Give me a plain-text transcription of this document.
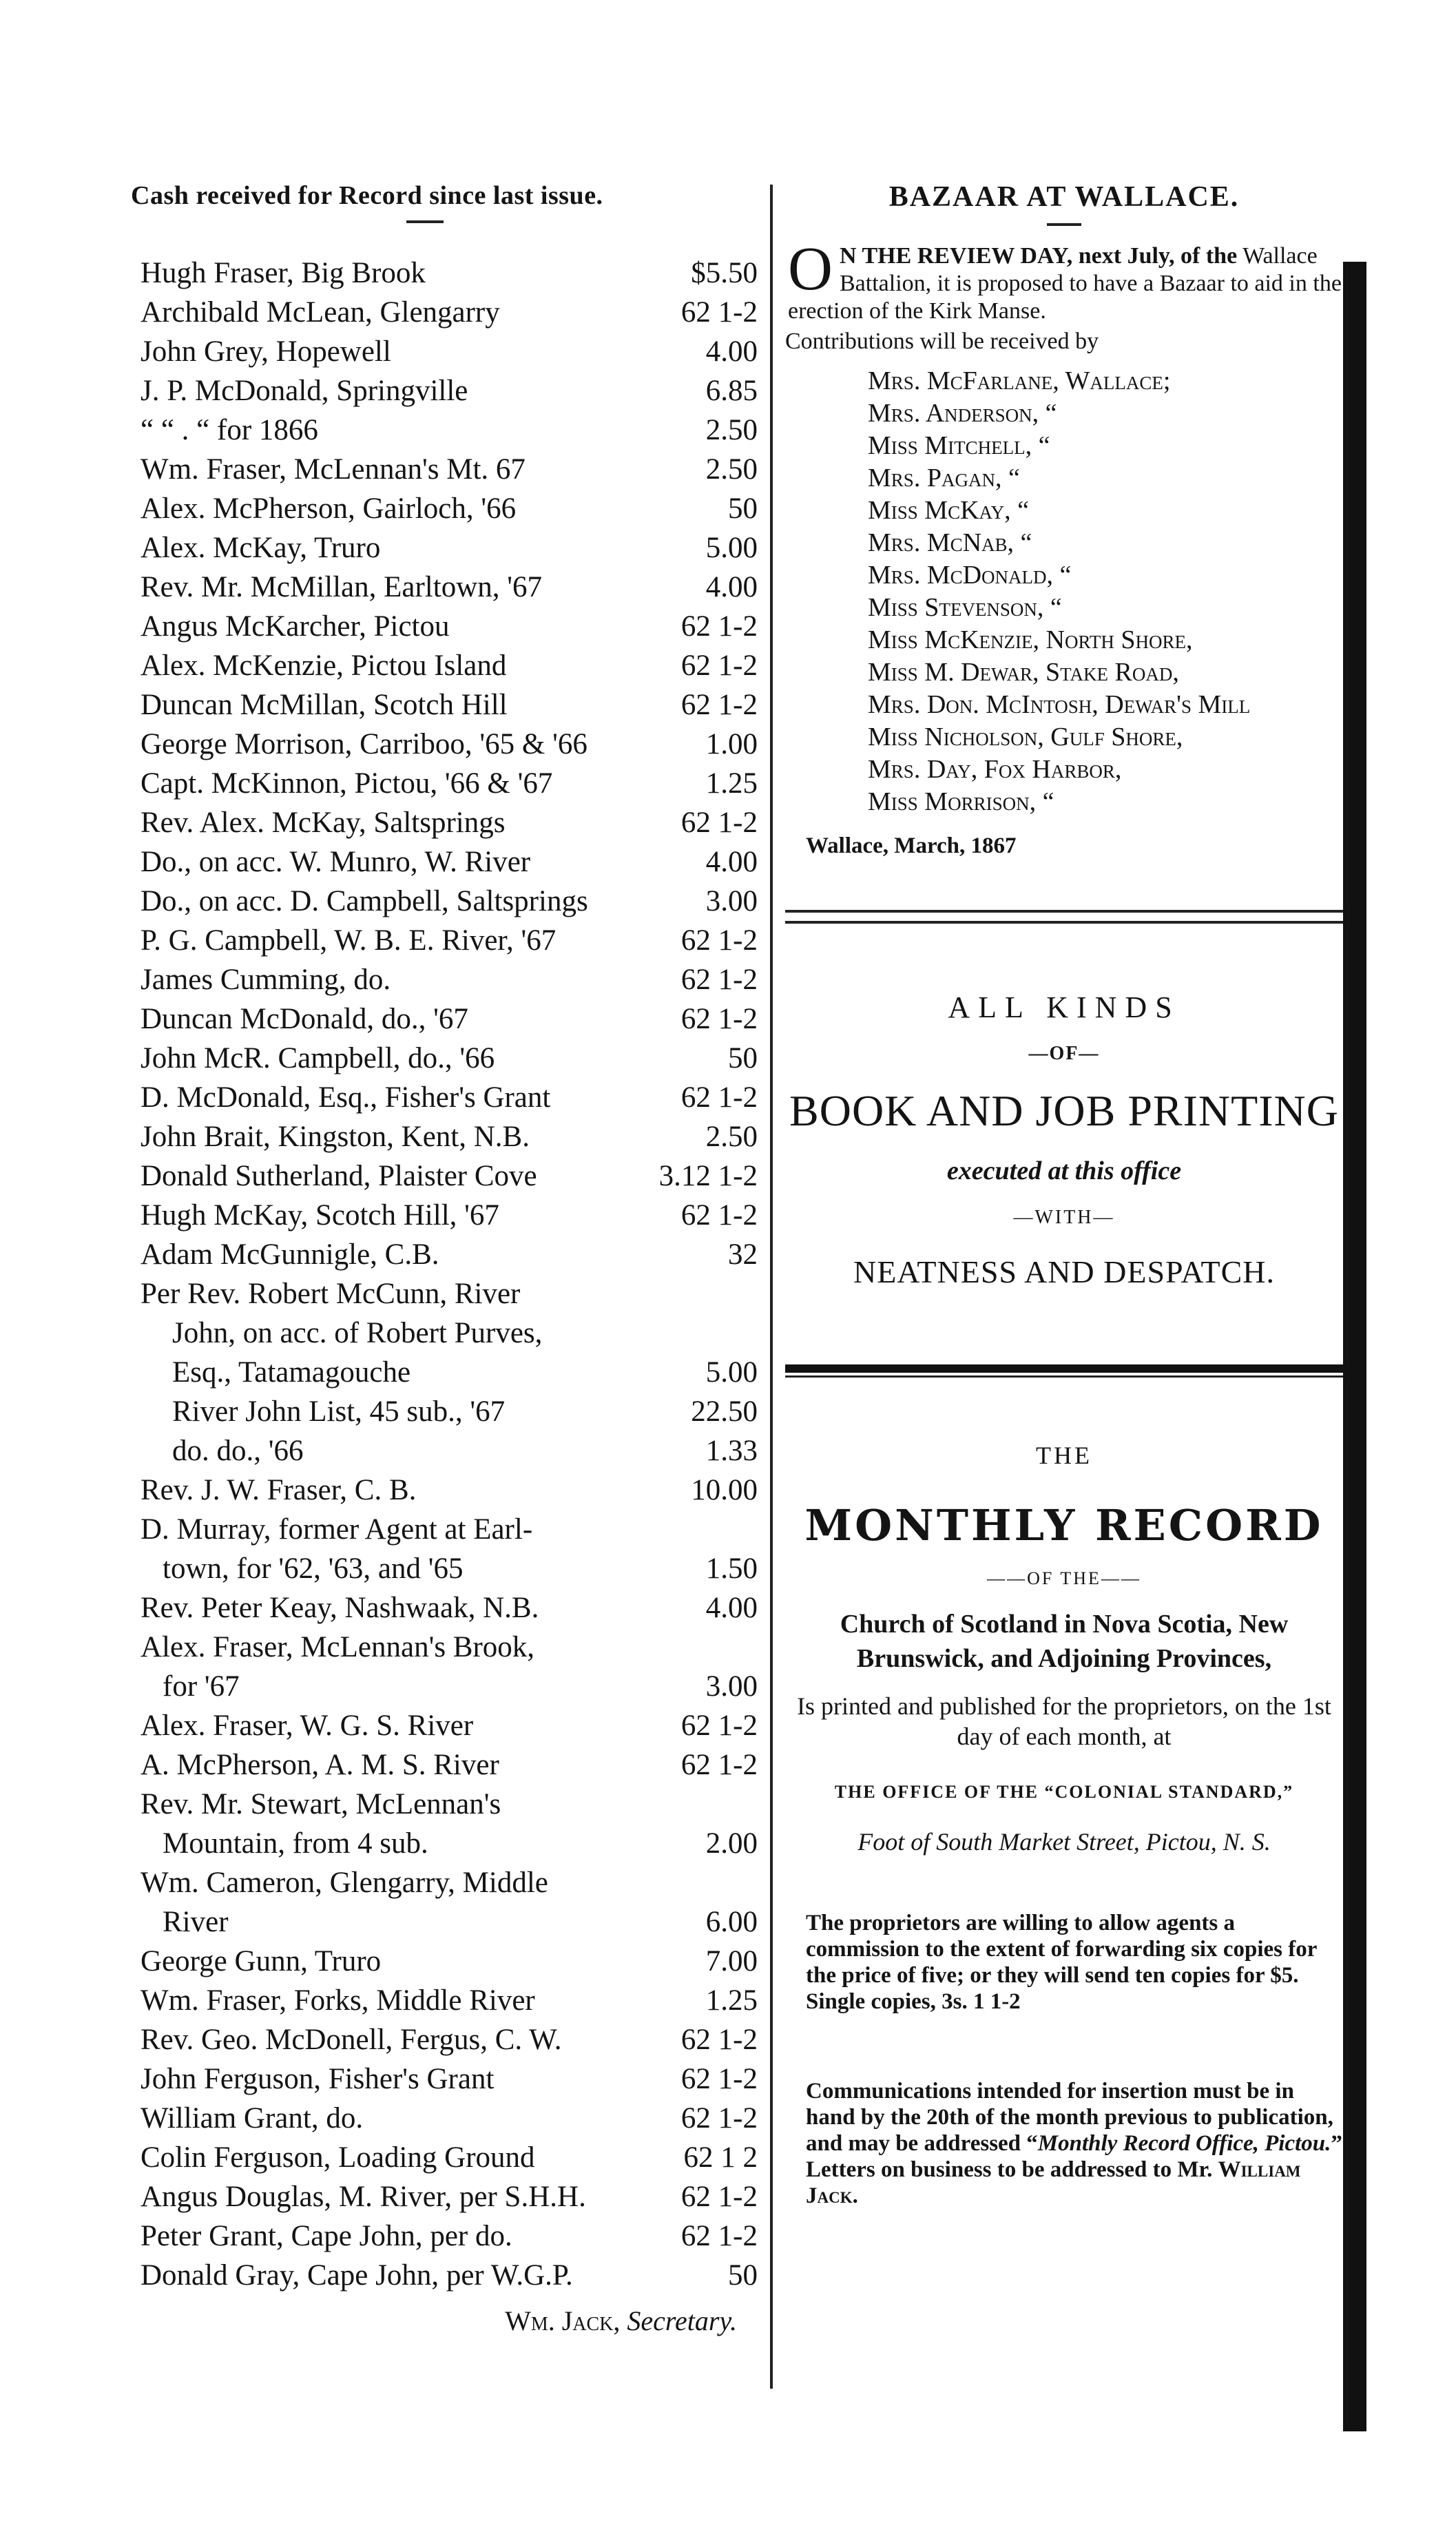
Cash received for Record since last issue.
Hugh Fraser, Big Brook	$5.50
Archibald McLean, Glengarry	62 1-2
John Grey, Hopewell	4.00
J. P. McDonald, Springville	6.85
“ “ . “ for 1866	2.50
Wm. Fraser, McLennan's Mt. 67	2.50
Alex. McPherson, Gairloch, '66	50
Alex. McKay, Truro	5.00
Rev. Mr. McMillan, Earltown, '67	4.00
Angus McKarcher, Pictou	62 1-2
Alex. McKenzie, Pictou Island	62 1-2
Duncan McMillan, Scotch Hill	62 1-2
George Morrison, Carriboo, '65 & '66	1.00
Capt. McKinnon, Pictou, '66 & '67	1.25
Rev. Alex. McKay, Saltsprings	62 1-2
Do., on acc. W. Munro, W. River	4.00
Do., on acc. D. Campbell, Saltsprings	3.00
P. G. Campbell, W. B. E. River, '67	62 1-2
James Cumming, do.	62 1-2
Duncan McDonald, do., '67	62 1-2
John McR. Campbell, do., '66	50
D. McDonald, Esq., Fisher's Grant	62 1-2
John Brait, Kingston, Kent, N.B.	2.50
Donald Sutherland, Plaister Cove	3.12 1-2
Hugh McKay, Scotch Hill, '67	62 1-2
Adam McGunnigle, C.B.	32
Per Rev. Robert McCunn, River
John, on acc. of Robert Purves,
Esq., Tatamagouche	5.00
River John List, 45 sub., '67	22.50
do. do., '66	1.33
Rev. J. W. Fraser, C. B.	10.00
D. Murray, former Agent at Earl-
town, for '62, '63, and '65	1.50
Rev. Peter Keay, Nashwaak, N.B.	4.00
Alex. Fraser, McLennan's Brook,
for '67	3.00
Alex. Fraser, W. G. S. River	62 1-2
A. McPherson, A. M. S. River	62 1-2
Rev. Mr. Stewart, McLennan's
Mountain, from 4 sub.	2.00
Wm. Cameron, Glengarry, Middle
River	6.00
George Gunn, Truro	7.00
Wm. Fraser, Forks, Middle River	1.25
Rev. Geo. McDonell, Fergus, C. W.	62 1-2
John Ferguson, Fisher's Grant	62 1-2
William Grant, do.	62 1-2
Colin Ferguson, Loading Ground	62 1 2
Angus Douglas, M. River, per S.H.H.	62 1-2
Peter Grant, Cape John, per do.	62 1-2
Donald Gray, Cape John, per W.G.P.	50
Wm. Jack, Secretary.
BAZAAR AT WALLACE.
O N THE REVIEW DAY, next July, of the Wallace Battalion, it is proposed to have a Bazaar to aid in the erection of the Kirk Manse.
Contributions will be received by
Mrs. McFarlane, Wallace;
Mrs. Anderson, “
Miss Mitchell, “
Mrs. Pagan, “
Miss McKay, “
Mrs. McNab, “
Mrs. McDonald, “
Miss Stevenson, “
Miss McKenzie, North Shore,
Miss M. Dewar, Stake Road,
Mrs. Don. McIntosh, Dewar's Mill
Miss Nicholson, Gulf Shore,
Mrs. Day, Fox Harbor,
Miss Morrison, “
Wallace, March, 1867
ALL KINDS
—OF—
BOOK AND JOB PRINTING
executed at this office
—WITH—
NEATNESS AND DESPATCH.
THE
MONTHLY RECORD
——OF THE——
Church of Scotland in Nova Scotia, New Brunswick, and Adjoining Provinces,
Is printed and published for the proprietors, on the 1st day of each month, at
THE OFFICE OF THE “COLONIAL STANDARD,”
Foot of South Market Street, Pictou, N. S.
The proprietors are willing to allow agents a commission to the extent of forwarding six copies for the price of five; or they will send ten copies for $5. Single copies, 3s. 1 1-2
Communications intended for insertion must be in hand by the 20th of the month previous to publication, and may be addressed “Monthly Record Office, Pictou.” Letters on business to be addressed to Mr. William Jack.
